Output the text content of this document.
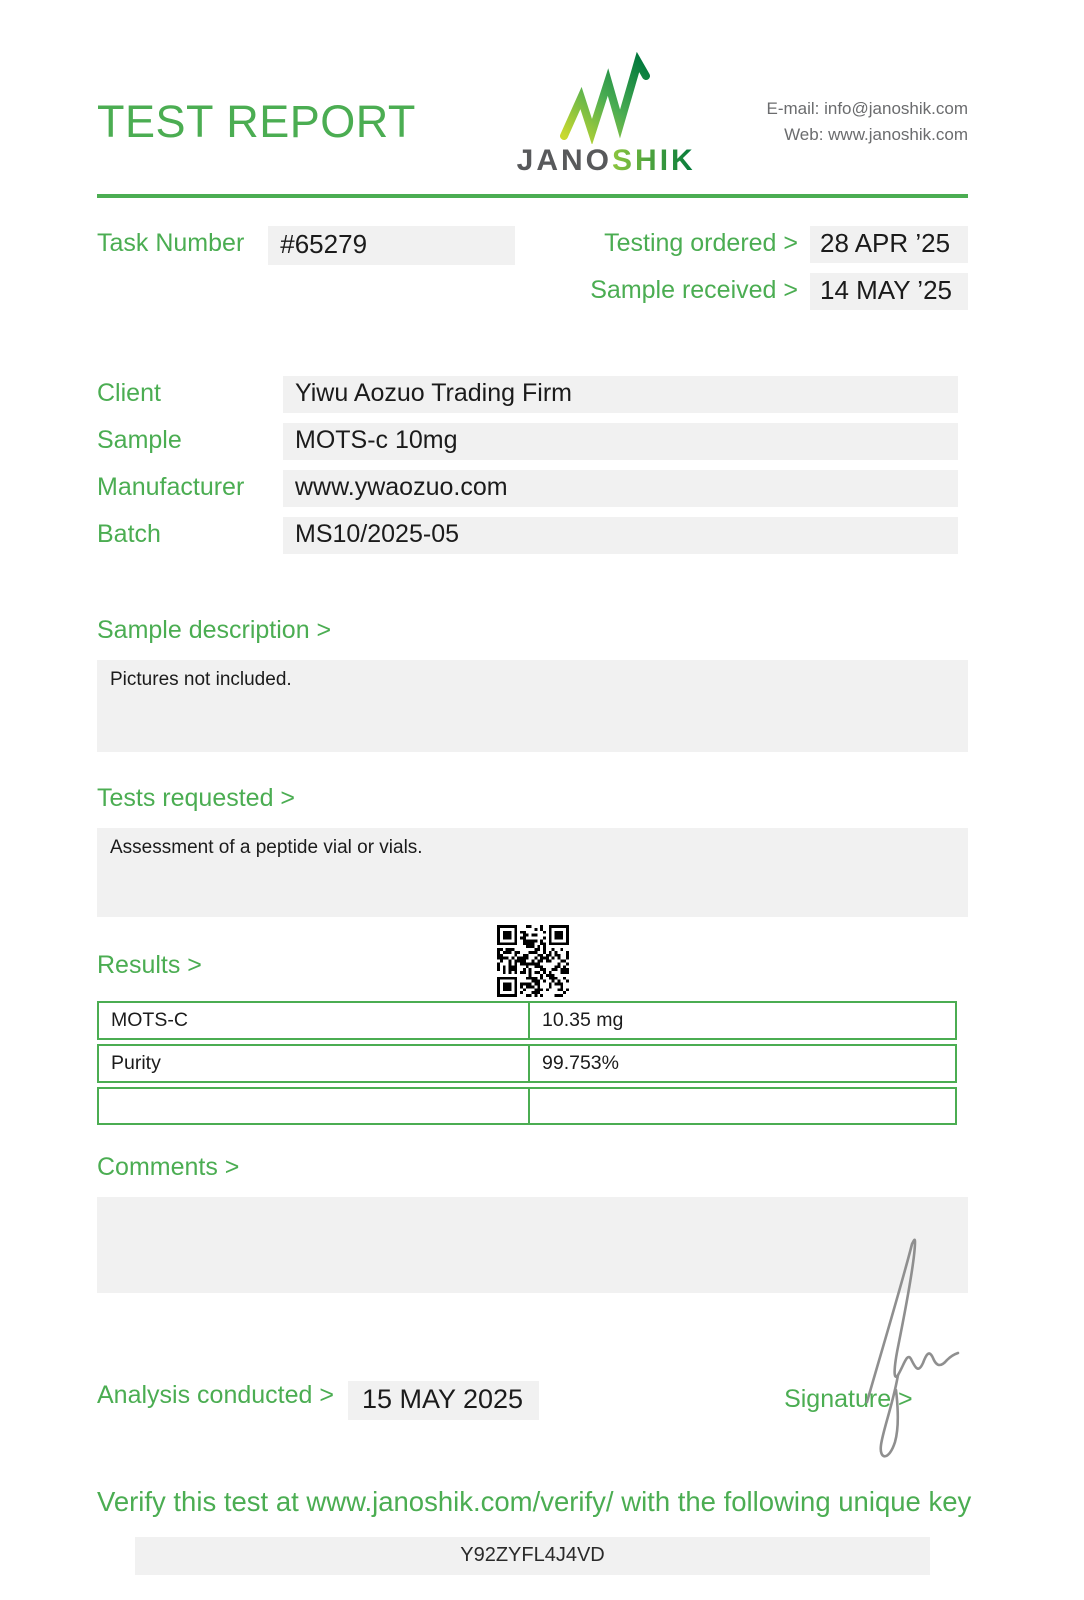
TEST REPORT
JANOSHIK
E-mail: info@janoshik.com
Web: www.janoshik.com
Task Number	#65279	Testing ordered > 28 APR ’25
Sample received > 14 MAY ’25
Client	Yiwu Aozuo Trading Firm
Sample	MOTS-c 10mg
Manufacturer	www.ywaozuo.com
Batch	MS10/2025-05
Sample description >
Pictures not included.
Tests requested >
Assessment of a peptide vial or vials.
Results >
MOTS-C	10.35 mg
Purity	99.753%
Comments >
Analysis conducted >	15 MAY 2025	Signature >
Verify this test at www.janoshik.com/verify/ with the following unique key
Y92ZYFL4J4VD
